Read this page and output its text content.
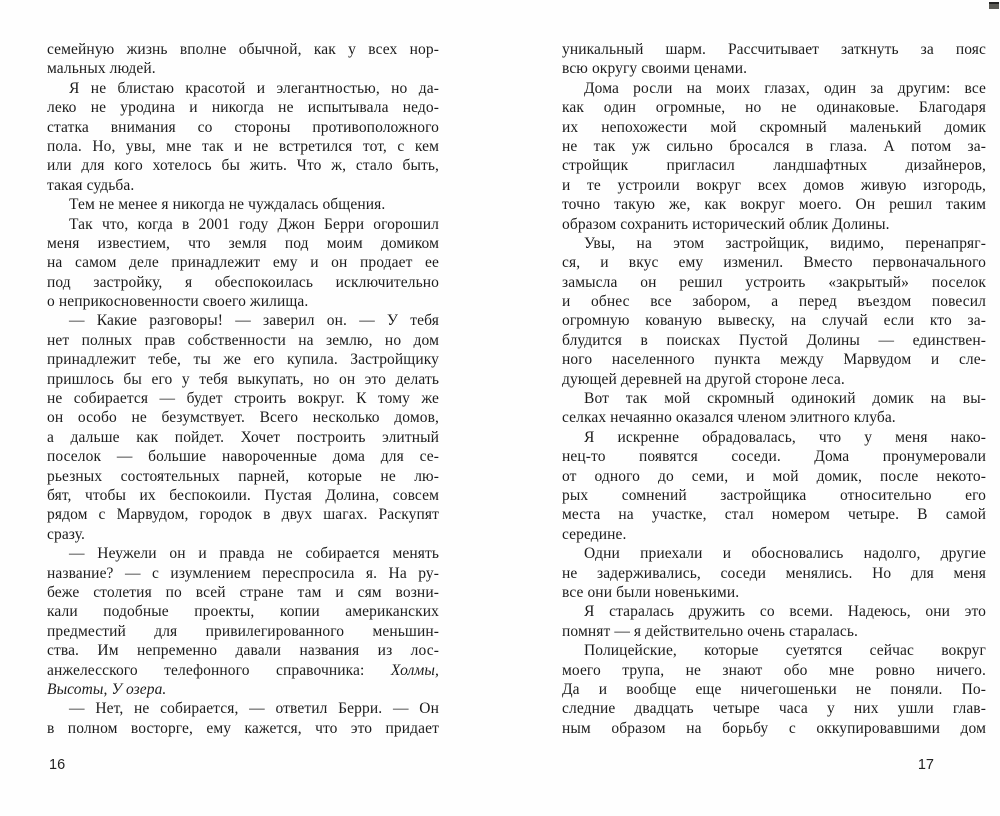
семейную жизнь вполне обычной, как у всех нор-
мальных людей.
Я не блистаю красотой и элегантностью, но да-
леко не уродина и никогда не испытывала недо-
статка внимания со стороны противоположного
пола. Но, увы, мне так и не встретился тот, с кем
или для кого хотелось бы жить. Что ж, стало быть,
такая судьба.
Тем не менее я никогда не чуждалась общения.
Так что, когда в 2001 году Джон Берри огорошил
меня известием, что земля под моим домиком
на самом деле принадлежит ему и он продает ее
под застройку, я обеспокоилась исключительно
о неприкосновенности своего жилища.
— Какие разговоры! — заверил он. — У тебя
нет полных прав собственности на землю, но дом
принадлежит тебе, ты же его купила. Застройщику
пришлось бы его у тебя выкупать, но он это делать
не собирается — будет строить вокруг. К тому же
он особо не безумствует. Всего несколько домов,
а дальше как пойдет. Хочет построить элитный
поселок — большие навороченные дома для се-
рьезных состоятельных парней, которые не лю-
бят, чтобы их беспокоили. Пустая Долина, совсем
рядом с Марвудом, городок в двух шагах. Раскупят
сразу.
— Неужели он и правда не собирается менять
название? — с изумлением переспросила я. На ру-
беже столетия по всей стране там и сям возни-
кали подобные проекты, копии американских
предместий для привилегированного меньшин-
ства. Им непременно давали названия из лос-
анжелесского телефонного справочника: Холмы,
Высоты, У озера.
— Нет, не собирается, — ответил Берри. — Он
в полном восторге, ему кажется, что это придает
16
уникальный шарм. Рассчитывает заткнуть за пояс
всю округу своими ценами.
Дома росли на моих глазах, один за другим: все
как один огромные, но не одинаковые. Благодаря
их непохожести мой скромный маленький домик
не так уж сильно бросался в глаза. А потом за-
стройщик пригласил ландшафтных дизайнеров,
и те устроили вокруг всех домов живую изгородь,
точно такую же, как вокруг моего. Он решил таким
образом сохранить исторический облик Долины.
Увы, на этом застройщик, видимо, перенапряг-
ся, и вкус ему изменил. Вместо первоначального
замысла он решил устроить «закрытый» поселок
и обнес все забором, а перед въездом повесил
огромную кованую вывеску, на случай если кто за-
блудится в поисках Пустой Долины — единствен-
ного населенного пункта между Марвудом и сле-
дующей деревней на другой стороне леса.
Вот так мой скромный одинокий домик на вы-
селках нечаянно оказался членом элитного клуба.
Я искренне обрадовалась, что у меня нако-
нец-то появятся соседи. Дома пронумеровали
от одного до семи, и мой домик, после некото-
рых сомнений застройщика относительно его
места на участке, стал номером четыре. В самой
середине.
Одни приехали и обосновались надолго, другие
не задерживались, соседи менялись. Но для меня
все они были новенькими.
Я старалась дружить со всеми. Надеюсь, они это
помнят — я действительно очень старалась.
Полицейские, которые суетятся сейчас вокруг
моего трупа, не знают обо мне ровно ничего.
Да и вообще еще ничегошеньки не поняли. По-
следние двадцать четыре часа у них ушли глав-
ным образом на борьбу с оккупировавшими дом
17
